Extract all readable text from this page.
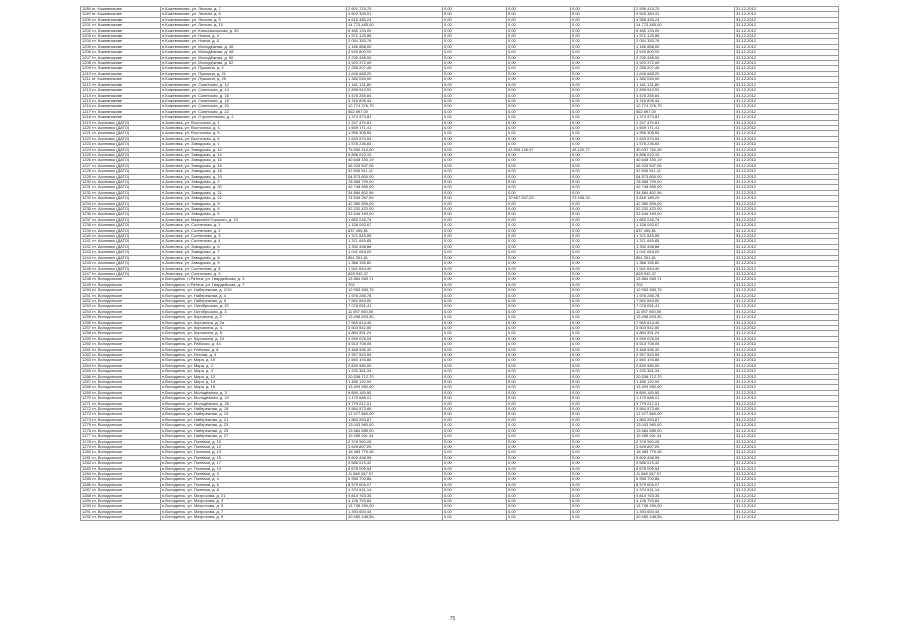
1198 гп. Кожевникове	п.Кожевникове, ул. Лесная, д. 7	2 601 715,70	0,00	0,00	0,00	2 596 415,70	31.12.2012
1199 гп. Кожевникове	п.Кожевникове, ул. Лесная, д. 8	4 602 305,01	0,00	0,00	0,00	4 545 384,41	31.12.2012
1200 гп. Кожевникове	п.Кожевникове, ул. Лесная, д. 9	4 615 485,24	0,00	0,00	0,00	4 585 455,24	31.12.2012
1201 гп. Кожевникове	п.Кожевникове, ул. Лесная, д. 10	14 775 485,00	0,00	0,00	0,00	14 775 485,00	31.12.2012
1202 гп. Кожевникове	п.Кожевникове, ул. Комсомольская, д. 50	5 485 133,00	0,00	0,00	0,00	5 485 133,00	31.12.2012
1203 гп. Кожевникове	п.Кожевникове, ул. Новая, д. 4	1 571 129,86	0,00	0,00	0,00	1 571 129,86	31.12.2012
1204 гп. Кожевникове	п.Кожевникове, ул. Новая, д. 5	2 054 353,78	0,00	0,00	0,00	2 054 353,78	31.12.2012
1205 гп. Кожевникове	п.Кожевникове, ул. Молодёжная, д. 46	1 186 888,00	0,00	0,00	0,00	1 186 888,00	31.12.2012
1206 гп. Кожевникове	п.Кожевникове, ул. Молодёжная, д. 48	2 520 800,00	0,00	0,00	0,00	2 520 800,00	31.12.2012
1207 гп. Кожевникове	п.Кожевникове, ул. Молодёжная, д. 50	3 230 456,00	0,00	0,00	0,00	3 230 456,00	31.12.2012
1208 гп. Кожевникове	п.Кожевникове, ул. Молодёжная, д. 52	3 923 372,00	0,00	0,00	0,00	3 923 372,00	31.12.2012
1209 гп. Кожевникове	п.Кожевникове, ул. Пушкина, д. 2	2 255 207,45	0,00	0,00	0,00	2 255 207,45	31.12.2012
1210 гп. Кожевникове	п.Кожевникове, ул. Пушкина, д. 21	1 648 668,20	0,00	0,00	0,00	1 648 668,20	31.12.2012
1211 гп. Кожевникове	п.Кожевникове, ул. Пушкина, д. 25	1 380 045,00	0,00	0,00	0,00	1 380 045,00	31.12.2012
1212 гп. Кожевникове	п.Кожевникове, ул. Советская, д. 12	1 181 131,80	0,00	0,00	0,00	1 181 131,80	31.12.2012
1213 гп. Кожевникове	п.Кожевникове, ул. Советская, д. 14	2 898 910,00	0,00	0,00	0,00	2 898 910,00	31.12.2012
1214 гп. Кожевникове	п.Кожевникове, ул. Советская, д. 16	1 476 256,84	0,00	0,00	0,00	1 476 256,84	31.12.2012
1215 гп. Кожевникове	п.Кожевникове, ул. Советская, д. 18	3 318 826,44	0,00	0,00	0,00	3 318 826,44	31.12.2012
1216 гп. Кожевникове	п.Кожевникове, ул. Советская, д. 20	10 774 376,70	0,00	0,00	0,00	10 774 376,70	31.12.2012
1217 гп. Кожевникове	п.Кожевникове, ул. Советская, д. 22	562 897,00	0,00	0,00	0,00	562 897,00	31.12.2012
1218 гп. Кожевникове	п.Кожевникове, ул. Строительная, д. 2	1 374 473,81	0,00	0,00	0,00	1 374 473,81	31.12.2012
1219 гп. Асиновск (ДАТО)	п.Асиновск, ул. Восточная, д. 1	1 247 470,81	0,00	0,00	0,00	1 247 470,81	31.12.2012
1220 гп. Асиновск (ДАТО)	п.Асиновск, ул. Восточная, д. 3	1 669 171,41	0,00	0,00	0,00	1 669 171,41	31.12.2012
1221 гп. Асиновск (ДАТО)	п.Асиновск, ул. Восточная, д. 5	1 996 305,06	0,00	0,00	0,00	1 996 305,06	31.12.2012
1222 гп. Асиновск (ДАТО)	п.Асиновск, ул. Восточная, д. 6	1 693 570,64	0,00	0,00	0,00	1 693 570,64	31.12.2012
1223 гп. Асиновск (ДАТО)	п.Асиновск, ул. Заводская, д. 1	1 578 236,65	0,00	0,00	0,00	1 578 236,65	31.12.2012
1224 гп. Асиновск (ДАТО)	п.Асиновск, ул. Заводская, д. 12	75 690 510,00	0,00	43 553 126,97	45 120,77	30 037 762,26	31.12.2012
1225 гп. Асиновск (ДАТО)	п.Асиновск, ул. Заводская, д. 14	6 898 022,10	0,00	0,00	0,00	6 898 022,10	31.12.2012
1226 гп. Асиновск (ДАТО)	п.Асиновск, ул. Заводская, д. 15	40 648 193,19	0,00	0,00	0,00	40 648 193,19	31.12.2012
1227 гп. Асиновск (ДАТО)	п.Асиновск, ул. Заводская, д. 16	36 225 537,06	0,00	0,00	0,00	36 225 537,06	31.12.2012
1228 гп. Асиновск (ДАТО)	п.Асиновск, ул. Заводская, д. 18	32 506 511,11	0,00	0,00	0,00	32 506 511,11	31.12.2012
1229 гп. Асиновск (ДАТО)	п.Асиновск, ул. Заводская, д. 19	54 573 800,00	0,00	0,00	0,00	54 573 800,00	31.12.2012
1230 гп. Асиновск (ДАТО)	п.Асиновск, ул. Заводская, д. 2	78 585 793,00	0,00	0,00	0,00	78 585 793,00	31.12.2012
1231 гп. Асиновск (ДАТО)	п.Асиновск, ул. Заводская, д. 20	42 748 855,00	0,00	0,00	0,00	42 748 855,00	31.12.2012
1232 гп. Асиновск (ДАТО)	п.Асиновск, ул. Заводская, д. 21	34 884 802,96	0,00	0,00	0,00	34 884 802,96	31.12.2012
1233 гп. Асиновск (ДАТО)	п.Асиновск, ул. Заводская, д. 22	74 549 267,55	0,00	70 657 637,03	73 445,32	3 818 185,20	31.12.2012
1234 гп. Асиновск (ДАТО)	п.Асиновск, ул. Заводская, д. 3	42 380 809,00	0,00	0,00	0,00	42 380 809,00	31.12.2012
1235 гп. Асиновск (ДАТО)	п.Асиновск, ул. Заводская, д. 4	32 232 422,00	0,00	0,00	0,00	32 232 422,00	31.12.2012
1236 гп. Асиновск (ДАТО)	п.Асиновск, ул. Заводская, д. 5	32 646 163,00	0,00	0,00	0,00	32 646 163,00	31.12.2012
1237 гп. Асиновск (ДАТО)	п.Асиновск, ул. Маркса/М.Горького, д. 13	1 652 245,74	0,00	0,00	0,00	1 652 245,74	31.12.2012
1238 гп. Асиновск (ДАТО)	п.Асиновск, ул. Солнечная, д. 1	1 158 092,67	0,00	0,00	0,00	1 158 092,67	31.12.2012
1239 гп. Асиновск (ДАТО)	п.Асиновск, ул. Солнечная, д. 2	837 455,81	0,00	0,00	0,00	837 455,81	31.12.2012
1240 гп. Асиновск (ДАТО)	п.Асиновск, ул. Солнечная, д. 3	1 371 645,85	0,00	0,00	0,00	1 371 645,85	31.12.2012
1241 гп. Асиновск (ДАТО)	п.Асиновск, ул. Солнечная, д. 4	1 371 645,85	0,00	0,00	0,00	1 371 645,85	31.12.2012
1242 гп. Асиновск (ДАТО)	п.Асиновск, ул. Заводская, д. 6	1 332 498,86	0,00	0,00	0,00	1 332 498,86	31.12.2012
1243 гп. Асиновск (ДАТО)	п.Асиновск, ул. Заводская, д. 7	1 041 064,00	0,00	0,00	0,00	1 041 064,00	31.12.2012
1244 гп. Асиновск (ДАТО)	п.Асиновск, ул. Заводская, д. 8	851 301,81	0,00	0,00	0,00	851 301,81	31.12.2012
1245 гп. Асиновск (ДАТО)	п.Асиновск, ул. Заводская, д. 9	1 388 155,82	0,00	0,00	0,00	1 388 155,82	31.12.2012
1246 гп. Асиновск (ДАТО)	п.Асиновск, ул. Солнечная, д. 8	1 541 654,40	0,00	0,00	0,00	1 541 654,40	31.12.2012
1247 гп. Асиновск (ДАТО)	п.Асиновск, ул. Солнечная, д. 9	825 042,07	0,00	0,00	0,00	825 042,07	31.12.2012
1248 гп. Володинское	п.Володинск, п.Ратник, ул. Гвардейская, д. 3	15 884 550,71	0,00	0,00	0,00	15 884 550,71	31.12.2012
1249 гп. Володинское	п.Володинск, п.Ратник, ул. Гвардейская, д. 7	702	0,00	0,00	0,00	702	31.12.2012
1250 гп. Володинское	п.Володинск, ул. Набережная, д. 2/10	12 953 583,75	0,00	0,00	0,00	12 953 583,75	31.12.2012
1251 гп. Володинское	п.Володинск, ул. Набережная, д. 4	1 576 285,78	0,00	0,00	0,00	1 576 285,78	31.12.2012
1252 гп. Володинское	п.Володинск, ул. Набережная, д. 6	7 562 684,00	0,00	0,00	0,00	7 562 684,00	31.12.2012
1253 гп. Володинское	п.Володинск, ул. Октябрьская, д. 22	7 078 051,41	0,00	0,00	0,00	7 078 051,41	31.12.2012
1254 гп. Володинское	п.Володинск, ул. Октябрьская, д. 3	11 897 060,00	0,00	0,00	0,00	11 897 060,00	31.12.2012
1255 гп. Володинское	п.Володинск, ул. Корчагина, д. 2	13 458 833,30	0,00	0,00	0,00	13 458 833,30	31.12.2012
1256 гп. Володинское	п.Володинск, ул. Корчагина, д. 2а	7 569 614,45	0,00	0,00	0,00	7 569 614,45	31.12.2012
1257 гп. Володинское	п.Володинск, ул. Корчагина, д. 4	3 603 542,80	0,00	0,00	0,00	3 603 542,80	31.12.2012
1258 гп. Володинское	п.Володинск, ул. Корчагина, д. 6	4 884 951,24	0,00	0,00	0,00	4 884 951,24	31.12.2012
1259 гп. Володинское	п.Володинск, ул. Корчагина, д. 24	4 599 076,04	0,00	0,00	0,00	4 599 076,04	31.12.2012
1260 гп. Володинское	п.Володинск, ул. Рабочая, д. 44	5 513 708,06	0,00	0,00	0,00	5 513 708,06	31.12.2012
1261 гп. Володинское	п.Володинск, ул. Рабочая, д. 8	3 458 596,32	0,00	0,00	0,00	3 458 596,32	31.12.2012
1262 гп. Володинское	п.Володинск, ул. Лесная, д. 3	2 557 543,59	0,00	0,00	0,00	2 557 543,59	31.12.2012
1263 гп. Володинское	п.Володинск, ул. Мира, д. 10	2 560 193,86	0,00	0,00	0,00	2 560 193,86	31.12.2012
1264 гп. Володинское	п.Володинск, ул. Мира, д. 2	2 839 980,00	0,00	0,00	0,00	2 839 980,00	31.12.2012
1265 гп. Володинское	п.Володинск, ул. Мира, д. 4	1 220 361,34	0,00	0,00	0,00	1 220 361,34	31.12.2012
1266 гп. Володинское	п.Володинск, ул. Мира, д. 12	20 538 712,70	0,00	0,00	0,00	20 538 712,70	31.12.2012
1267 гп. Володинское	п.Володинск, ул. Мира, д. 14	1 496 120,00	0,00	0,00	0,00	1 496 120,00	31.12.2012
1268 гп. Володинское	п.Володинск, ул. Мира, д. 16	13 409 550,00	0,00	0,00	0,00	13 409 550,00	31.12.2012
1269 гп. Володинское	п.Володинск, ул. Молодёжная, д. 3	6 890 180,50	0,00	0,00	0,00	6 890 180,50	31.12.2012
1270 гп. Володинское	п.Володинск, ул. Молодёжная, д. 24	1 475 686,21	0,00	0,00	0,00	1 475 686,21	31.12.2012
1271 гп. Володинское	п.Володинск, ул. Молодёжная, д. 26	3 779 217,01	0,00	0,00	0,00	3 779 217,01	31.12.2012
1272 гп. Володинское	п.Володинск, ул. Набережная, д. 15	3 564 573,86	0,00	0,00	0,00	3 564 573,86	31.12.2012
1273 гп. Володинское	п.Володинск, ул. Набережная, д. 19	12 977 860,00	0,00	0,00	0,00	12 977 860,00	31.12.2012
1274 гп. Володинское	п.Володинск, ул. Набережная, д. 21	1 860 283,87	0,00	0,00	0,00	1 860 283,87	31.12.2012
1275 гп. Володинское	п.Володинск, ул. Набережная, д. 23	13 003 960,00	0,00	0,00	0,00	13 003 960,00	31.12.2012
1276 гп. Володинское	п.Володинск, ул. Набережная, д. 25	13 584 685,00	0,00	0,00	0,00	13 584 685,00	31.12.2012
1277 гп. Володинское	п.Володинск, ул. Набережная, д. 27	10 285 091,44	0,00	0,00	0,00	10 285 091,44	31.12.2012
1278 гп. Володинское	п.Володинск, ул. Полевая, д. 10	2 378 960,28	0,00	0,00	0,00	2 378 960,28	31.12.2012
1279 гп. Володинское	п.Володинск, ул. Полевая, д. 12	3 649 897,20	0,00	0,00	0,00	3 649 897,20	31.12.2012
1280 гп. Володинское	п.Володинск, ул. Полевая, д. 13	16 383 776,38	0,00	0,00	0,00	16 383 776,38	31.12.2012
1281 гп. Володинское	п.Володинск, ул. Полевая, д. 15	5 802 498,95	0,00	0,00	0,00	5 802 498,95	31.12.2012
1282 гп. Володинское	п.Володинск, ул. Полевая, д. 17	3 588 619,32	0,00	0,00	0,00	3 588 619,32	31.12.2012
1283 гп. Володинское	п.Володинск, ул. Полевая, д. 19	6 675 005,54	0,00	0,00	0,00	6 675 005,54	31.12.2012
1284 гп. Володинское	п.Володинск, ул. Полевая, д. 3	11 860 087,97	0,00	0,00	0,00	11 860 087,97	31.12.2012
1285 гп. Володинское	п.Володинск, ул. Полевая, д. 4	5 958 700,86	0,00	0,00	0,00	5 958 700,86	31.12.2012
1286 гп. Володинское	п.Володинск, ул. Полевая, д. 6	8 379 605,07	0,00	0,00	0,00	8 379 605,07	31.12.2012
1287 гп. Володинское	п.Володинск, ул. Полевая, д. 8	4 374 521,14	0,00	0,00	0,00	4 374 521,14	31.12.2012
1288 гп. Володинское	п.Володинск, ул. Матросова, д. 21	4 814 763,35	0,00	0,00	0,00	4 814 763,35	31.12.2012
1289 гп. Володинское	п.Володинск, ул. Матросова, д. 3	4 126 753,84	0,00	0,00	0,00	4 126 753,84	31.12.2012
1290 гп. Володинское	п.Володинск, ул. Матросова, д. 5	15 738 290,00	0,00	0,00	0,00	15 738 290,00	31.12.2012
1291 гп. Володинское	п.Володинск, ул. Матросова, д. 7	1 393 650,44	0,00	0,00	0,00	1 393 650,44	31.12.2012
1292 гп. Володинское	п.Володинск, ул. Матросова, д. 9	20 980 448,55	0,00	0,00	0,00	20 980 448,55	31.12.2012
75
